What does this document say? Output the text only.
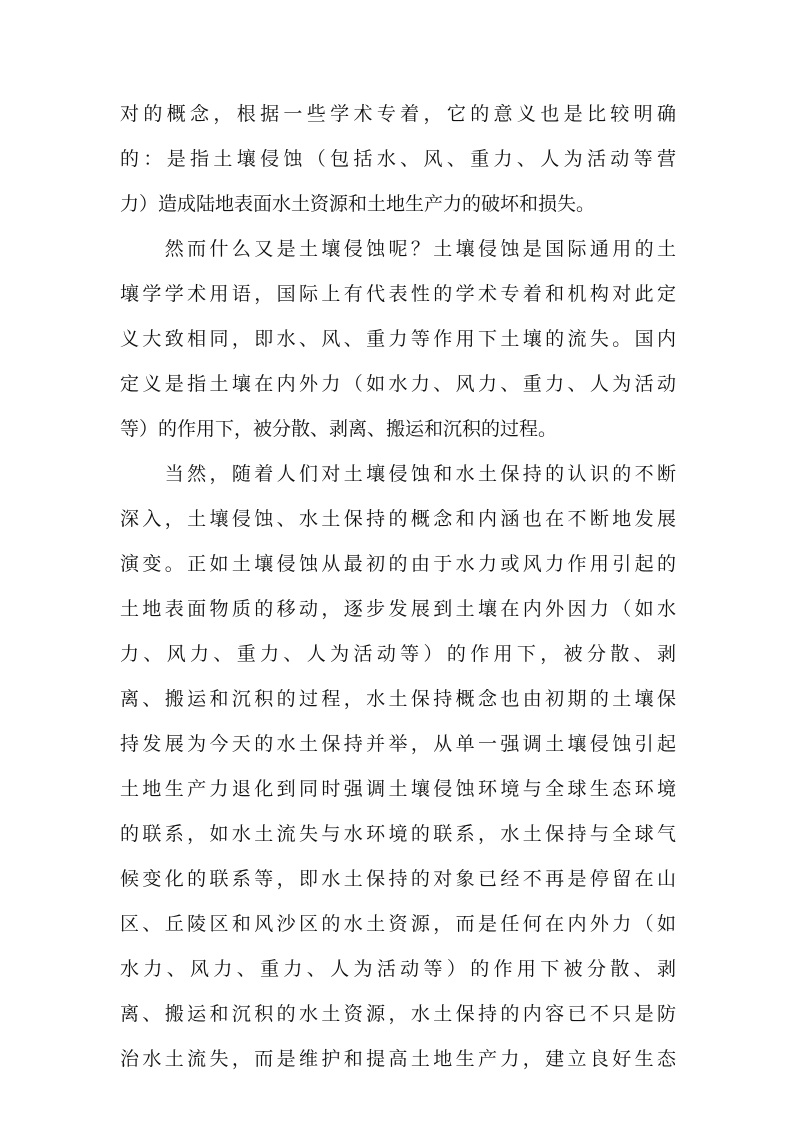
对的概念，根据一些学术专着，它的意义也是比较明确
的：是指土壤侵蚀（包括水、风、重力、人为活动等营
力）造成陆地表面水土资源和土地生产力的破坏和损失。
　　然而什么又是土壤侵蚀呢？土壤侵蚀是国际通用的土
壤学学术用语，国际上有代表性的学术专着和机构对此定
义大致相同，即水、风、重力等作用下土壤的流失。国内
定义是指土壤在内外力（如水力、风力、重力、人为活动
等）的作用下，被分散、剥离、搬运和沉积的过程。
　　当然，随着人们对土壤侵蚀和水土保持的认识的不断
深入，土壤侵蚀、水土保持的概念和内涵也在不断地发展
演变。正如土壤侵蚀从最初的由于水力或风力作用引起的
土地表面物质的移动，逐步发展到土壤在内外因力（如水
力、风力、重力、人为活动等）的作用下，被分散、剥
离、搬运和沉积的过程，水土保持概念也由初期的土壤保
持发展为今天的水土保持并举，从单一强调土壤侵蚀引起
土地生产力退化到同时强调土壤侵蚀环境与全球生态环境
的联系，如水土流失与水环境的联系，水土保持与全球气
候变化的联系等，即水土保持的对象已经不再是停留在山
区、丘陵区和风沙区的水土资源，而是任何在内外力（如
水力、风力、重力、人为活动等）的作用下被分散、剥
离、搬运和沉积的水土资源，水土保持的内容已不只是防
治水土流失，而是维护和提高土地生产力，建立良好生态
